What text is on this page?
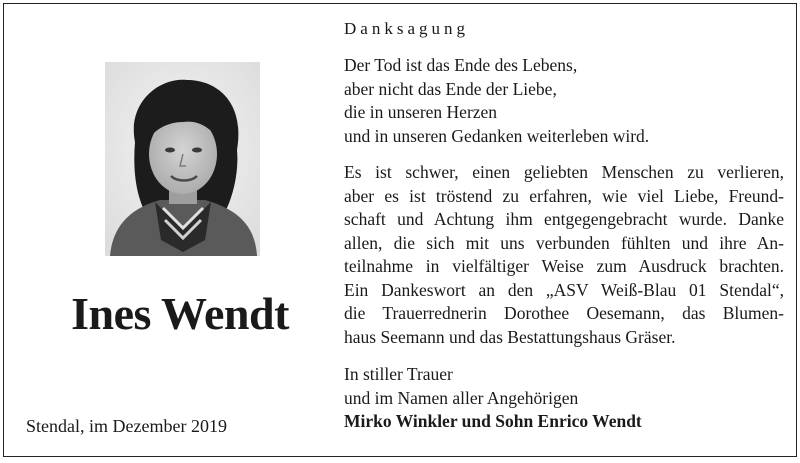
Ines Wendt

Stendal, im Dezember 2019

Danksagung

Der Tod ist das Ende des Lebens,

aber nicht das Ende der Liebe,

die in unseren Herzen

und in unseren Gedanken weiterleben wird.

Es ist schwer, einen geliebten Menschen zu verlieren,

aber es ist tröstend zu erfahren, wie viel Liebe, Freund-

schaft und Achtung ihm entgegengebracht wurde. Danke

allen, die sich mit uns verbunden fühlten und ihre An-

teilnahme in vielfältiger Weise zum Ausdruck brachten.

Ein Dankeswort an den „ASV Weiß-Blau 01 Stendal“,

die Trauerrednerin Dorothee Oesemann, das Blumen-

haus Seemann und das Bestattungshaus Gräser.

In stiller Trauer

und im Namen aller Angehörigen

Mirko Winkler und Sohn Enrico Wendt
